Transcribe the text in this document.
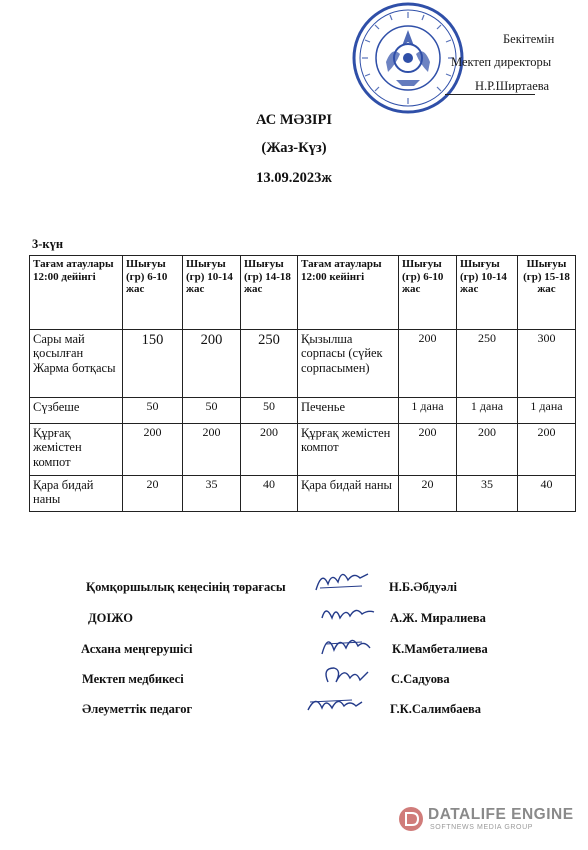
Бекітемін
Мектеп директоры
Н.Р.Ширтаева
АС МӘЗІРІ
(Жаз-Күз)
13.09.2023ж
3-күн
Тағам атаулары 12:00 дейінгі	Шығуы (гр) 6-10 жас	Шығуы (гр) 10-14 жас	Шығуы (гр) 14-18 жас	Тағам атаулары 12:00 кейінгі	Шығуы (гр) 6-10 жас	Шығуы (гр) 10-14 жас	Шығуы (гр) 15-18 жас
Сары май қосылған Жарма ботқасы	150	200	250	Қызылша сорпасы (сүйек сорпасымен)	200	250	300
Сүзбеше	50	50	50	Печенье	1 дана	1 дана	1 дана
Құрғақ жемістен компот	200	200	200	Құрғақ жемістен компот	200	200	200
Қара бидай наны	20	35	40	Қара бидай наны	20	35	40
Қомқоршылық кеңесінің төрағасы	Н.Б.Әбдуәлі
ДОІЖО	А.Ж. Миралиева
Асхана меңгерушісі	К.Мамбеталиева
Мектеп медбикесі	С.Садуова
Әлеуметтік педагог	Г.К.Салимбаева
DATALIFE ENGINE
SOFTNEWS MEDIA GROUP
